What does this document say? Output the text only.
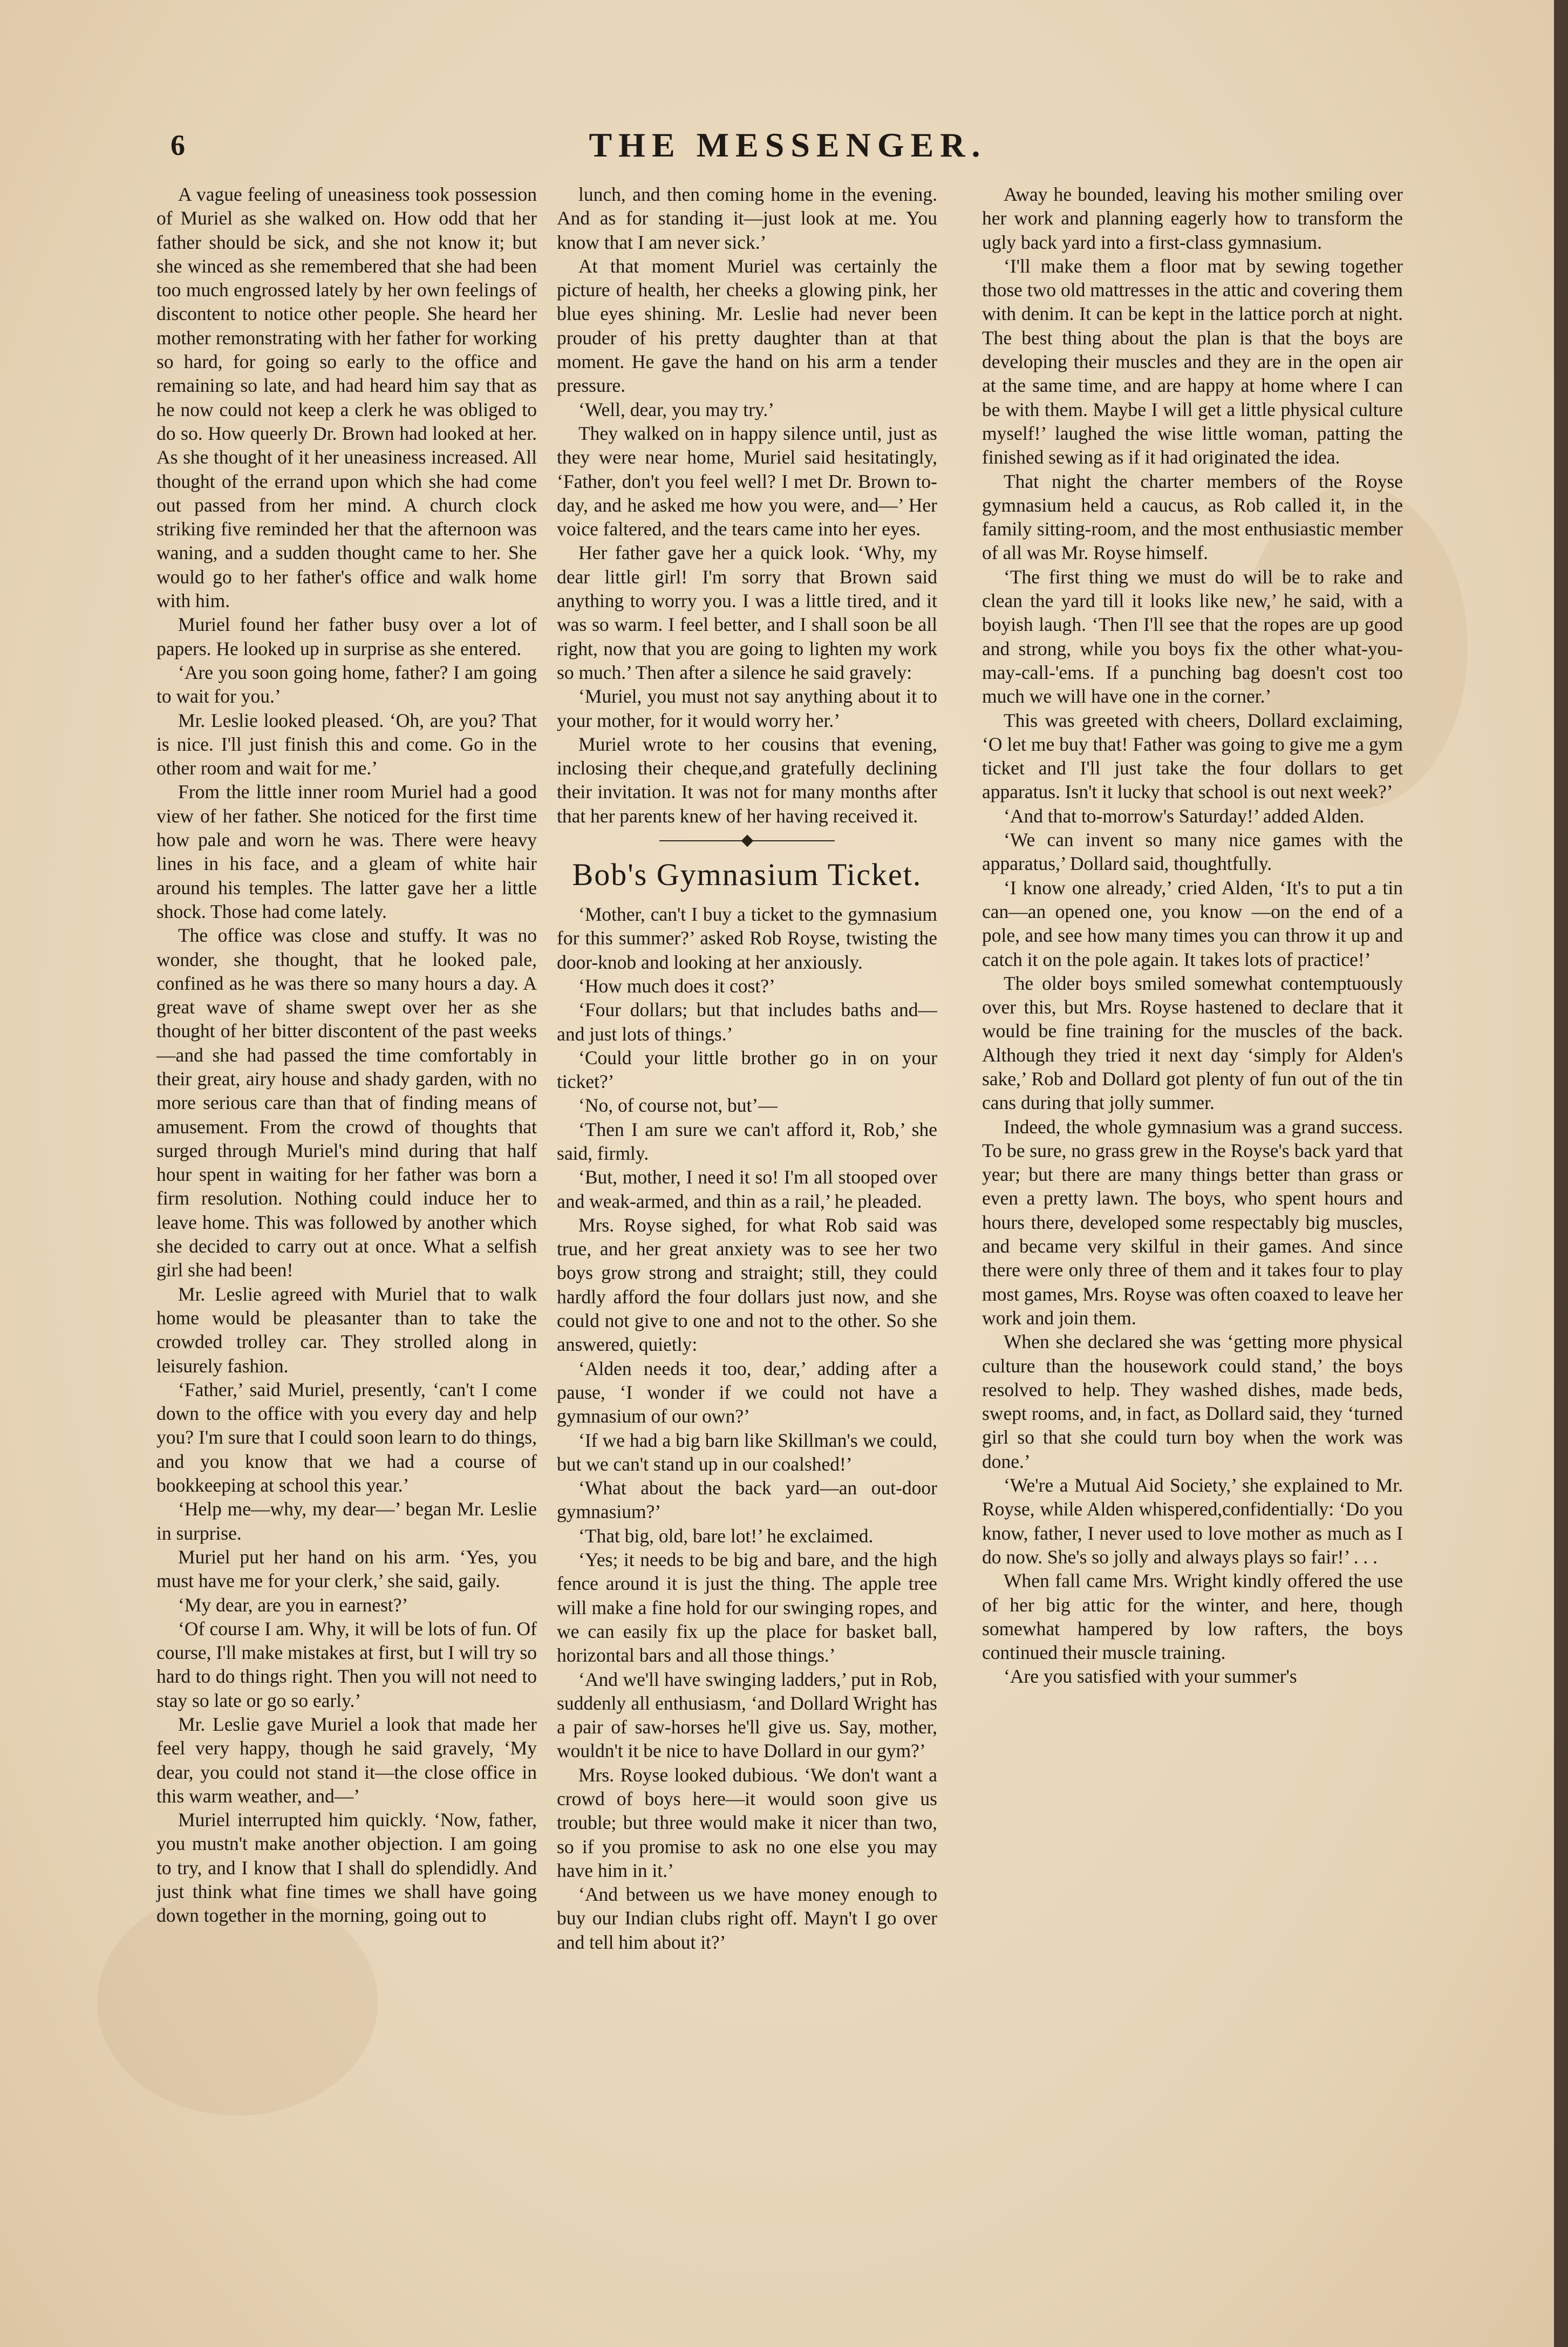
6	THE MESSENGER.

A vague feeling of uneasiness took possession of Muriel as she walked on. How odd that her father should be sick, and she not know it; but she winced as she remembered that she had been too much engrossed lately by her own feelings of discontent to notice other people. She heard her mother remonstrating with her father for working so hard, for going so early to the office and remaining so late, and had heard him say that as he now could not keep a clerk he was obliged to do so. How queerly Dr. Brown had looked at her. As she thought of it her uneasiness increased. All thought of the errand upon which she had come out passed from her mind. A church clock striking five reminded her that the afternoon was waning, and a sudden thought came to her. She would go to her father's office and walk home with him.

Muriel found her father busy over a lot of papers. He looked up in surprise as she entered.

‘Are you soon going home, father? I am going to wait for you.’

Mr. Leslie looked pleased. ‘Oh, are you? That is nice. I'll just finish this and come. Go in the other room and wait for me.’

From the little inner room Muriel had a good view of her father. She noticed for the first time how pale and worn he was. There were heavy lines in his face, and a gleam of white hair around his temples. The latter gave her a little shock. Those had come lately.

The office was close and stuffy. It was no wonder, she thought, that he looked pale, confined as he was there so many hours a day. A great wave of shame swept over her as she thought of her bitter discontent of the past weeks—and she had passed the time comfortably in their great, airy house and shady garden, with no more serious care than that of finding means of amusement. From the crowd of thoughts that surged through Muriel's mind during that half hour spent in waiting for her father was born a firm resolution. Nothing could induce her to leave home. This was followed by another which she decided to carry out at once. What a selfish girl she had been!

Mr. Leslie agreed with Muriel that to walk home would be pleasanter than to take the crowded trolley car. They strolled along in leisurely fashion.

‘Father,’ said Muriel, presently, ‘can't I come down to the office with you every day and help you? I'm sure that I could soon learn to do things, and you know that we had a course of bookkeeping at school this year.’

‘Help me—why, my dear—’ began Mr. Leslie in surprise.

Muriel put her hand on his arm. ‘Yes, you must have me for your clerk,’ she said, gaily.

‘My dear, are you in earnest?’

‘Of course I am. Why, it will be lots of fun. Of course, I'll make mistakes at first, but I will try so hard to do things right. Then you will not need to stay so late or go so early.’

Mr. Leslie gave Muriel a look that made her feel very happy, though he said gravely, ‘My dear, you could not stand it—the close office in this warm weather, and—’

Muriel interrupted him quickly. ‘Now, father, you mustn't make another objection. I am going to try, and I know that I shall do splendidly. And just think what fine times we shall have going down together in the morning, going out to

lunch, and then coming home in the evening. And as for standing it—just look at me. You know that I am never sick.’

At that moment Muriel was certainly the picture of health, her cheeks a glowing pink, her blue eyes shining. Mr. Leslie had never been prouder of his pretty daughter than at that moment. He gave the hand on his arm a tender pressure.

‘Well, dear, you may try.’

They walked on in happy silence until, just as they were near home, Muriel said hesitatingly, ‘Father, don't you feel well? I met Dr. Brown to-day, and he asked me how you were, and—’ Her voice faltered, and the tears came into her eyes.

Her father gave her a quick look. ‘Why, my dear little girl! I'm sorry that Brown said anything to worry you. I was a little tired, and it was so warm. I feel better, and I shall soon be all right, now that you are going to lighten my work so much.’ Then after a silence he said gravely:

‘Muriel, you must not say anything about it to your mother, for it would worry her.’

Muriel wrote to her cousins that evening, inclosing their cheque,and gratefully declining their invitation. It was not for many months after that her parents knew of her having received it.

Bob's Gymnasium Ticket.

‘Mother, can't I buy a ticket to the gymnasium for this summer?’ asked Rob Royse, twisting the door-knob and looking at her anxiously.

‘How much does it cost?’

‘Four dollars; but that includes baths and—and just lots of things.’

‘Could your little brother go in on your ticket?’

‘No, of course not, but’—

‘Then I am sure we can't afford it, Rob,’ she said, firmly.

‘But, mother, I need it so! I'm all stooped over and weak-armed, and thin as a rail,’ he pleaded.

Mrs. Royse sighed, for what Rob said was true, and her great anxiety was to see her two boys grow strong and straight; still, they could hardly afford the four dollars just now, and she could not give to one and not to the other. So she answered, quietly:

‘Alden needs it too, dear,’ adding after a pause, ‘I wonder if we could not have a gymnasium of our own?’

‘If we had a big barn like Skillman's we could, but we can't stand up in our coalshed!’

‘What about the back yard—an out-door gymnasium?’

‘That big, old, bare lot!’ he exclaimed.

‘Yes; it needs to be big and bare, and the high fence around it is just the thing. The apple tree will make a fine hold for our swinging ropes, and we can easily fix up the place for basket ball, horizontal bars and all those things.’

‘And we'll have swinging ladders,’ put in Rob, suddenly all enthusiasm, ‘and Dollard Wright has a pair of saw-horses he'll give us. Say, mother, wouldn't it be nice to have Dollard in our gym?’

Mrs. Royse looked dubious. ‘We don't want a crowd of boys here—it would soon give us trouble; but three would make it nicer than two, so if you promise to ask no one else you may have him in it.’

‘And between us we have money enough to buy our Indian clubs right off. Mayn't I go over and tell him about it?’

Away he bounded, leaving his mother smiling over her work and planning eagerly how to transform the ugly back yard into a first-class gymnasium.

‘I'll make them a floor mat by sewing together those two old mattresses in the attic and covering them with denim. It can be kept in the lattice porch at night. The best thing about the plan is that the boys are developing their muscles and they are in the open air at the same time, and are happy at home where I can be with them. Maybe I will get a little physical culture myself!’ laughed the wise little woman, patting the finished sewing as if it had originated the idea.

That night the charter members of the Royse gymnasium held a caucus, as Rob called it, in the family sitting-room, and the most enthusiastic member of all was Mr. Royse himself.

‘The first thing we must do will be to rake and clean the yard till it looks like new,’ he said, with a boyish laugh. ‘Then I'll see that the ropes are up good and strong, while you boys fix the other what-you-may-call-'ems. If a punching bag doesn't cost too much we will have one in the corner.’

This was greeted with cheers, Dollard exclaiming, ‘O let me buy that! Father was going to give me a gym ticket and I'll just take the four dollars to get apparatus. Isn't it lucky that school is out next week?’

‘And that to-morrow's Saturday!’ added Alden.

‘We can invent so many nice games with the apparatus,’ Dollard said, thoughtfully.

‘I know one already,’ cried Alden, ‘It's to put a tin can—an opened one, you know —on the end of a pole, and see how many times you can throw it up and catch it on the pole again. It takes lots of practice!’

The older boys smiled somewhat contemptuously over this, but Mrs. Royse hastened to declare that it would be fine training for the muscles of the back. Although they tried it next day ‘simply for Alden's sake,’ Rob and Dollard got plenty of fun out of the tin cans during that jolly summer.

Indeed, the whole gymnasium was a grand success. To be sure, no grass grew in the Royse's back yard that year; but there are many things better than grass or even a pretty lawn. The boys, who spent hours and hours there, developed some respectably big muscles, and became very skilful in their games. And since there were only three of them and it takes four to play most games, Mrs. Royse was often coaxed to leave her work and join them.

When she declared she was ‘getting more physical culture than the housework could stand,’ the boys resolved to help. They washed dishes, made beds, swept rooms, and, in fact, as Dollard said, they ‘turned girl so that she could turn boy when the work was done.’

‘We're a Mutual Aid Society,’ she explained to Mr. Royse, while Alden whispered,confidentially: ‘Do you know, father, I never used to love mother as much as I do now. She's so jolly and always plays so fair!’ . . .

When fall came Mrs. Wright kindly offered the use of her big attic for the winter, and here, though somewhat hampered by low rafters, the boys continued their muscle training.

‘Are you satisfied with your summer's
